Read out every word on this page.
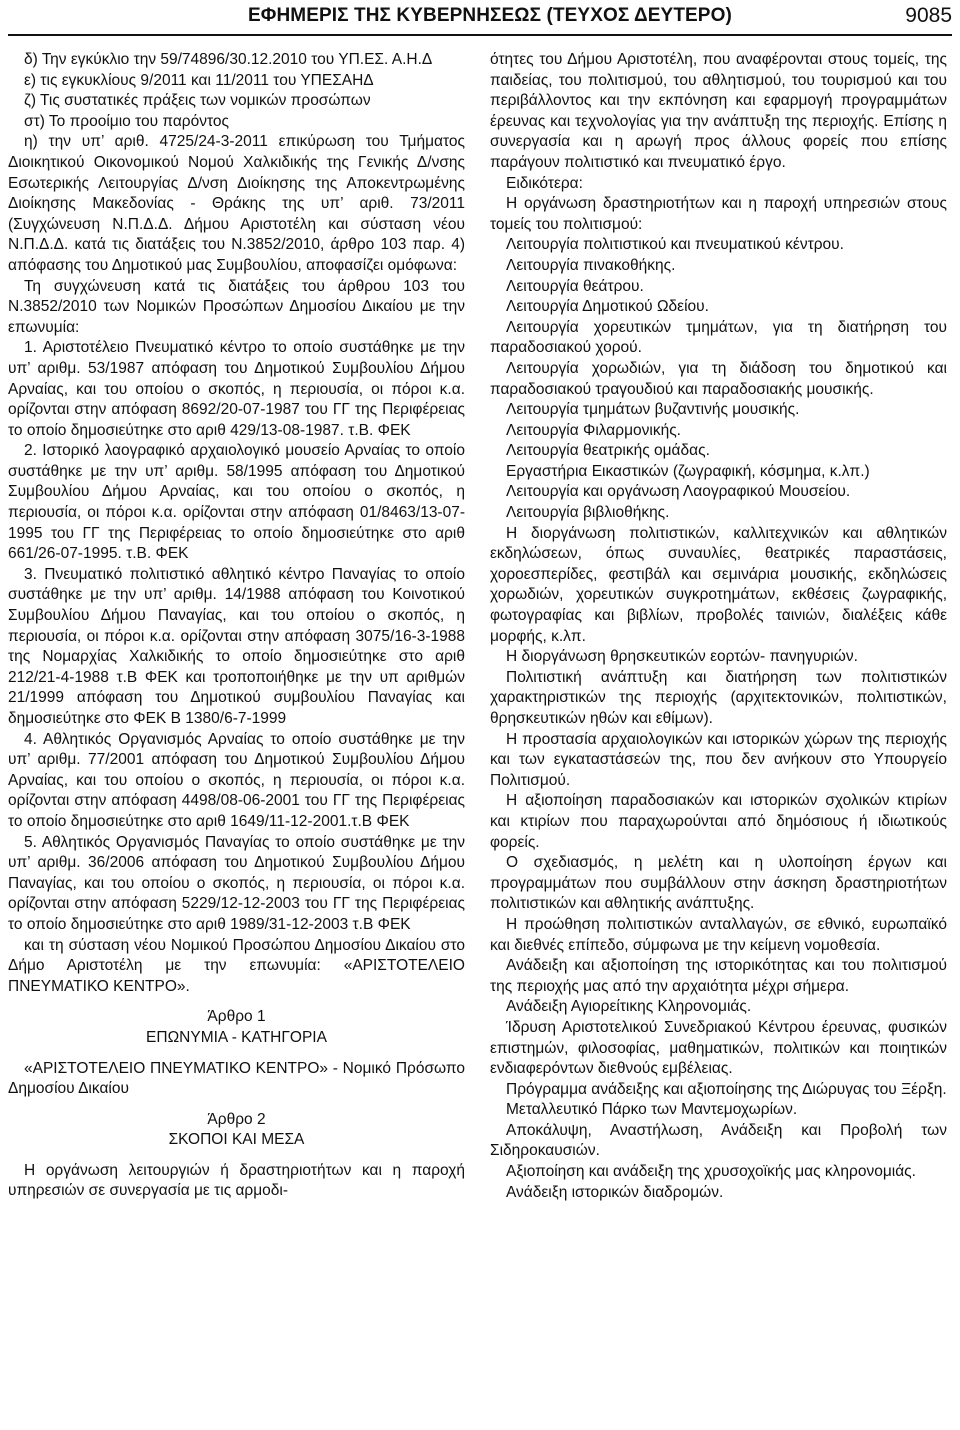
ΕΦΗΜΕΡΙΣ ΤΗΣ ΚΥΒΕΡΝΗΣΕΩΣ (ΤΕΥΧΟΣ ΔΕΥΤΕΡΟ)	9085

δ) Την εγκύκλιο την 59/74896/30.12.2010 του ΥΠ.ΕΣ. Α.Η.Δ

ε) τις εγκυκλίους 9/2011 και 11/2011 του ΥΠΕΣΑΗΔ

ζ) Τις συστατικές πράξεις των νομικών προσώπων

στ) Το προοίμιο του παρόντος

η) την υπ’ αριθ. 4725/24-3-2011 επικύρωση του Τμήματος Διοικητικού Οικονομικού Νομού Χαλκιδικής της Γενικής Δ/νσης Εσωτερικής Λειτουργίας Δ/νση Διοίκησης της Αποκεντρωμένης Διοίκησης Μακεδονίας - Θράκης της υπ’ αριθ. 73/2011 (Συγχώνευση Ν.Π.Δ.Δ. Δήμου Αριστοτέλη και σύσταση νέου Ν.Π.Δ.Δ. κατά τις διατάξεις του Ν.3852/2010, άρθρο 103 παρ. 4) απόφασης του Δημοτικού μας Συμβουλίου, αποφασίζει ομόφωνα:

Τη συγχώνευση κατά τις διατάξεις του άρθρου 103 του Ν.3852/2010 των Νομικών Προσώπων Δημοσίου Δικαίου με την επωνυμία:

1. Αριστοτέλειο Πνευματικό κέντρο το οποίο συστάθηκε με την υπ’ αριθμ. 53/1987 απόφαση του Δημοτικού Συμβουλίου Δήμου Αρναίας, και του οποίου ο σκοπός, η περιουσία, οι πόροι κ.α. ορίζονται στην απόφαση 8692/20-07-1987 του ΓΓ της Περιφέρειας το οποίο δημοσιεύτηκε στο αριθ 429/13-08-1987. τ.Β. ΦΕΚ

2. Ιστορικό λαογραφικό αρχαιολογικό μουσείο Αρναίας το οποίο συστάθηκε με την υπ’ αριθμ. 58/1995 απόφαση του Δημοτικού Συμβουλίου Δήμου Αρναίας, και του οποίου ο σκοπός, η περιουσία, οι πόροι κ.α. ορίζονται στην απόφαση 01/8463/13-07-1995 του ΓΓ της Περιφέρειας το οποίο δημοσιεύτηκε στο αριθ 661/26-07-1995. τ.Β. ΦΕΚ

3. Πνευματικό πολιτιστικό αθλητικό κέντρο Παναγίας το οποίο συστάθηκε με την υπ’ αριθμ. 14/1988 απόφαση του Κοινοτικού Συμβουλίου Δήμου Παναγίας, και του οποίου ο σκοπός, η περιουσία, οι πόροι κ.α. ορίζονται στην απόφαση 3075/16-3-1988 της Νομαρχίας Χαλκιδικής το οποίο δημοσιεύτηκε στο αριθ 212/21-4-1988 τ.Β ΦΕΚ και τροποποιήθηκε με την υπ αριθμών 21/1999 απόφαση του Δημοτικού συμβουλίου Παναγίας και δημοσιεύτηκε στο ΦΕΚ Β 1380/6-7-1999

4. Αθλητικός Οργανισμός Αρναίας το οποίο συστάθηκε με την υπ’ αριθμ. 77/2001 απόφαση του Δημοτικού Συμβουλίου Δήμου Αρναίας, και του οποίου ο σκοπός, η περιουσία, οι πόροι κ.α. ορίζονται στην απόφαση 4498/08-06-2001 του ΓΓ της Περιφέρειας το οποίο δημοσιεύτηκε στο αριθ 1649/11-12-2001.τ.Β ΦΕΚ

5. Αθλητικός Οργανισμός Παναγίας το οποίο συστάθηκε με την υπ’ αριθμ. 36/2006 απόφαση του Δημοτικού Συμβουλίου Δήμου Παναγίας, και του οποίου ο σκοπός, η περιουσία, οι πόροι κ.α. ορίζονται στην απόφαση 5229/12-12-2003 του ΓΓ της Περιφέρειας το οποίο δημοσιεύτηκε στο αριθ 1989/31-12-2003 τ.Β ΦΕΚ

και τη σύσταση νέου Νομικού Προσώπου Δημοσίου Δικαίου στο Δήμο Αριστοτέλη με την επωνυμία: «ΑΡΙΣΤΟΤΕΛΕΙΟ ΠΝΕΥΜΑΤΙΚΟ ΚΕΝΤΡΟ».

Άρθρο 1

ΕΠΩΝΥΜΙΑ - ΚΑΤΗΓΟΡΙΑ

«ΑΡΙΣΤΟΤΕΛΕΙΟ ΠΝΕΥΜΑΤΙΚΟ ΚΕΝΤΡΟ» - Νομικό Πρόσωπο Δημοσίου Δικαίου

Άρθρο 2

ΣΚΟΠΟΙ ΚΑΙ ΜΕΣΑ

Η οργάνωση λειτουργιών ή δραστηριοτήτων και η παροχή υπηρεσιών σε συνεργασία με τις αρμοδι-

ότητες του Δήμου Αριστοτέλη, που αναφέρονται στους τομείς, της παιδείας, του πολιτισμού, του αθλητισμού, του τουρισμού και του περιβάλλοντος και την εκπόνηση και εφαρμογή προγραμμάτων έρευνας και τεχνολογίας για την ανάπτυξη της περιοχής. Επίσης η συνεργασία και η αρωγή προς άλλους φορείς που επίσης παράγουν πολιτιστικό και πνευματικό έργο.

Ειδικότερα:

Η οργάνωση δραστηριοτήτων και η παροχή υπηρεσιών στους τομείς του πολιτισμού:

Λειτουργία πολιτιστικού και πνευματικού κέντρου.

Λειτουργία πινακοθήκης.

Λειτουργία θεάτρου.

Λειτουργία Δημοτικού Ωδείου.

Λειτουργία χορευτικών τμημάτων, για τη διατήρηση του παραδοσιακού χορού.

Λειτουργία χορωδιών, για τη διάδοση του δημοτικού και παραδοσιακού τραγουδιού και παραδοσιακής μουσικής.

Λειτουργία τμημάτων βυζαντινής μουσικής.

Λειτουργία Φιλαρμονικής.

Λειτουργία θεατρικής ομάδας.

Εργαστήρια Εικαστικών (ζωγραφική, κόσμημα, κ.λπ.)

Λειτουργία και οργάνωση Λαογραφικού Μουσείου.

Λειτουργία βιβλιοθήκης.

Η διοργάνωση πολιτιστικών, καλλιτεχνικών και αθλητικών εκδηλώσεων, όπως συναυλίες, θεατρικές παραστάσεις, χοροεσπερίδες, φεστιβάλ και σεμινάρια μουσικής, εκδηλώσεις χορωδιών, χορευτικών συγκροτημάτων, εκθέσεις ζωγραφικής, φωτογραφίας και βιβλίων, προβολές ταινιών, διαλέξεις κάθε μορφής, κ.λπ.

Η διοργάνωση θρησκευτικών εορτών- πανηγυριών.

Πολιτιστική ανάπτυξη και διατήρηση των πολιτιστικών χαρακτηριστικών της περιοχής (αρχιτεκτονικών, πολιτιστικών, θρησκευτικών ηθών και εθίμων).

Η προστασία αρχαιολογικών και ιστορικών χώρων της περιοχής και των εγκαταστάσεών της, που δεν ανήκουν στο Υπουργείο Πολιτισμού.

Η αξιοποίηση παραδοσιακών και ιστορικών σχολικών κτιρίων και κτιρίων που παραχωρούνται από δημόσιους ή ιδιωτικούς φορείς.

Ο σχεδιασμός, η μελέτη και η υλοποίηση έργων και προγραμμάτων που συμβάλλουν στην άσκηση δραστηριοτήτων πολιτιστικών και αθλητικής ανάπτυξης.

Η προώθηση πολιτιστικών ανταλλαγών, σε εθνικό, ευρωπαϊκό και διεθνές επίπεδο, σύμφωνα με την κείμενη νομοθεσία.

Ανάδειξη και αξιοποίηση της ιστορικότητας και του πολιτισμού της περιοχής μας από την αρχαιότητα μέχρι σήμερα.

Ανάδειξη Αγιορείτικης Κληρονομιάς.

Ίδρυση Αριστοτελικού Συνεδριακού Κέντρου έρευνας, φυσικών επιστημών, φιλοσοφίας, μαθηματικών, πολιτικών και ποιητικών ενδιαφερόντων διεθνούς εμβέλειας.

Πρόγραμμα ανάδειξης και αξιοποίησης της Διώρυγας του Ξέρξη.

Μεταλλευτικό Πάρκο των Μαντεμοχωρίων.

Αποκάλυψη, Αναστήλωση, Ανάδειξη και Προβολή των Σιδηροκαυσιών.

Αξιοποίηση και ανάδειξη της χρυσοχοϊκής μας κληρονομιάς.

Ανάδειξη ιστορικών διαδρομών.
